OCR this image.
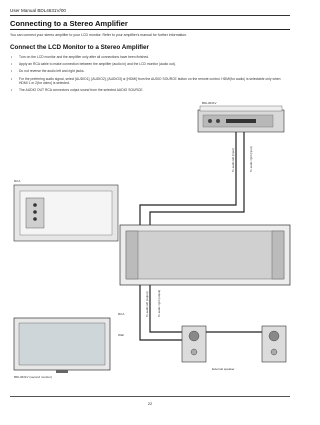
User Manual BDL4631V/00
Connecting to a Stereo Amplifier
You can connect your stereo amplifier to your LCD monitor. Refer to your amplifier's manual for further information.
Connect the LCD Monitor to a Stereo Amplifier
• Turn on the LCD monitor and the amplifier only after all connections have been finished.
• Apply an RCA cable to make connection between the amplifier (audio in) and the LCD monitor (audio out).
• Do not reverse the audio left and right jacks.
• For the preferring audio signal, select [AUDIO1], [AUDIO2], [AUDIO3] or [HDMI] from the AUDIO SOURCE button on the remote control. HDMI(for audio) is selectable only when HDMI 1 or 2(for video) is selected.
• The AUDIO OUT RCA connectors output sound from the selected AUDIO SOURCE.
BDL4631V
To audio left (input)	To audio right (input)
RCA
To audio left (output)	To audio right (output)
RCA
Wall
BDL4631V (second monitor)
External speaker
22
